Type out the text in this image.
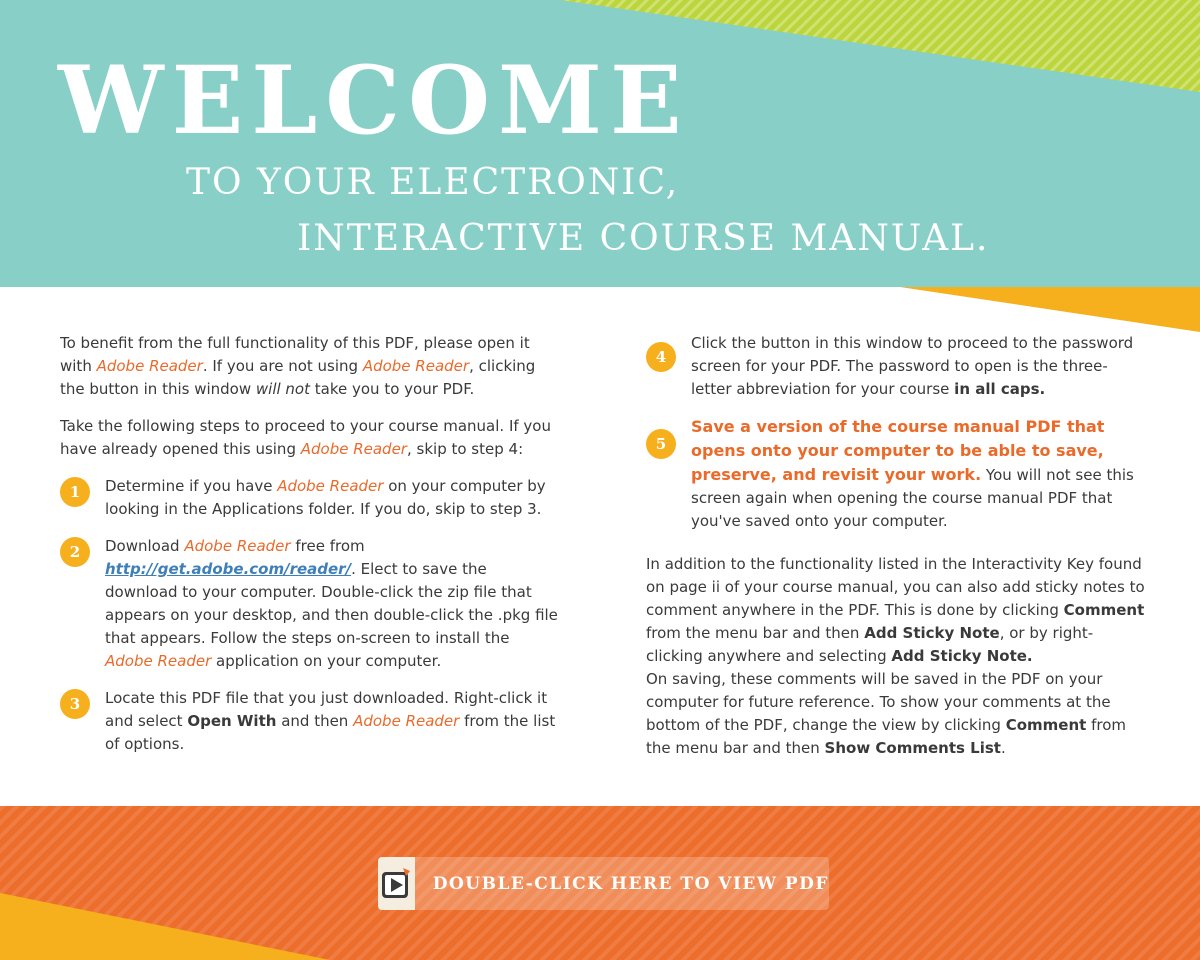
WELCOME

TO YOUR ELECTRONIC,

INTERACTIVE COURSE MANUAL.

To benefit from the full functionality of this PDF, please open it with Adobe Reader. If you are not using Adobe Reader, clicking the button in this window will not take you to your PDF.

Take the following steps to proceed to your course manual. If you have already opened this using Adobe Reader, skip to step 4:

1	Determine if you have Adobe Reader on your computer by looking in the Applications folder. If you do, skip to step 3.
2	Download Adobe Reader free from http://get.adobe.com/reader/. Elect to save the download to your computer. Double-click the zip file that appears on your desktop, and then double-click the .pkg file that appears. Follow the steps on-screen to install the Adobe Reader application on your computer.
3	Locate this PDF file that you just downloaded. Right-click it and select Open With and then Adobe Reader from the list of options.
4
Click the button in this window to proceed to the password screen for your PDF. The password to open is the three-letter abbreviation for your course in all caps.
5
Save a version of the course manual PDF that opens onto your computer to be able to save, preserve, and revisit your work. You will not see this screen again when opening the course manual PDF that you've saved onto your computer.

In addition to the functionality listed in the Interactivity Key found on page ii of your course manual, you can also add sticky notes to comment anywhere in the PDF. This is done by clicking Comment from the menu bar and then Add Sticky Note, or by right-clicking anywhere and selecting Add Sticky Note.
On saving, these comments will be saved in the PDF on your computer for future reference. To show your comments at the bottom of the PDF, change the view by clicking Comment from the menu bar and then Show Comments List.

DOUBLE-CLICK HERE TO VIEW PDF
